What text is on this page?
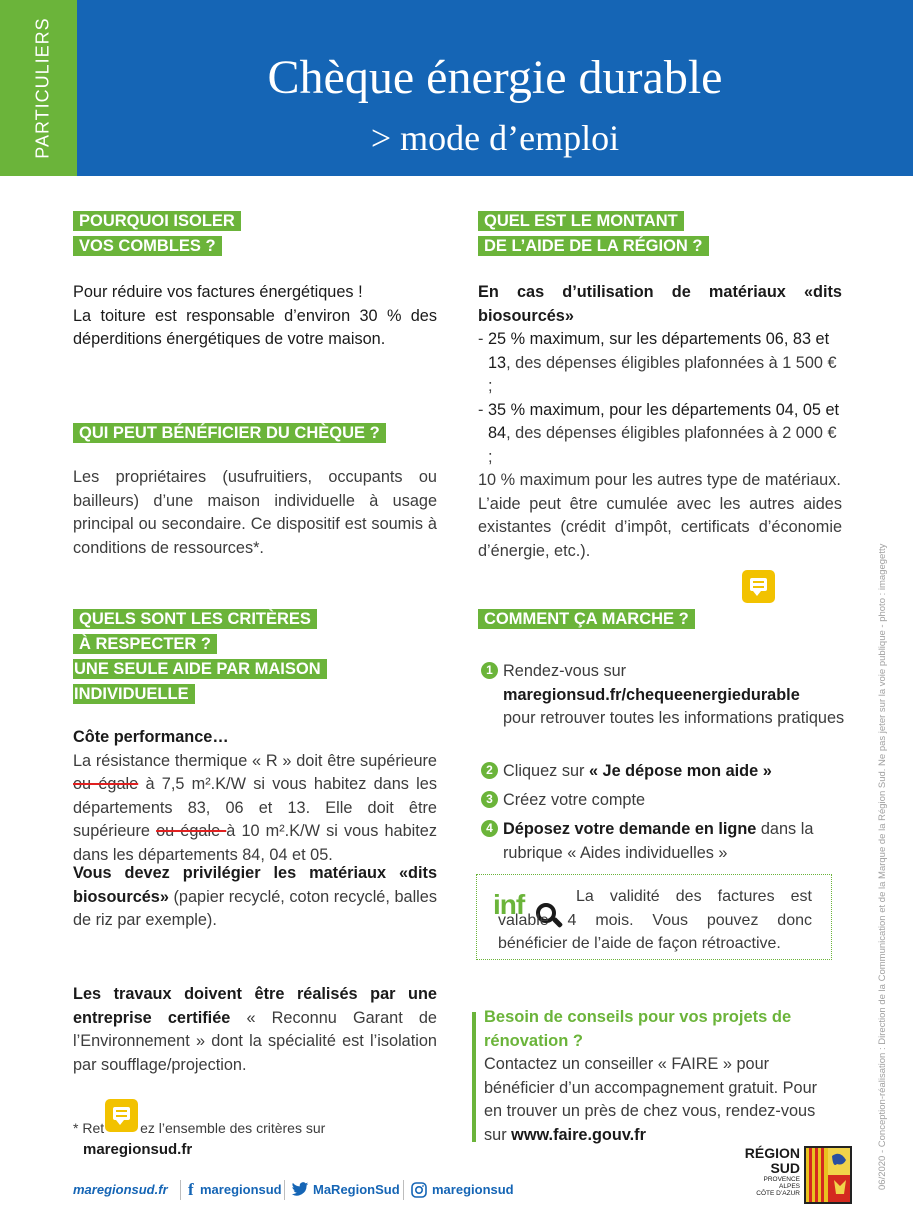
PARTICULIERS	Chèque énergie durable
> mode d’emploi
POURQUOI ISOLER
VOS COMBLES ?
Pour réduire vos factures énergétiques !
La toiture est responsable d’environ 30 % des déperditions énergétiques de votre maison.
QUI PEUT BÉNÉFICIER DU CHÈQUE ?
Les propriétaires (usufruitiers, occupants ou bailleurs) d’une maison individuelle à usage principal ou secondaire. Ce dispositif est soumis à conditions de ressources*.
QUELS SONT LES CRITÈRES
À RESPECTER ?
UNE SEULE AIDE PAR MAISON
INDIVIDUELLE
Côte performance…
La résistance thermique « R » doit être supérieure ou égale à 7,5 m².K/W si vous habitez dans les départements 83, 06 et 13. Elle doit être supérieure ou égale à 10 m².K/W si vous habitez dans les départements 84, 04 et 05.
Vous devez privilégier les matériaux «dits biosourcés» (papier recyclé, coton recyclé, balles de riz par exemple).
Les travaux doivent être réalisés par une entreprise certifiée « Reconnu Garant de l’Environnement » dont la spécialité est l’isolation par soufflage/projection.
* Ret	ez l’ensemble des critères sur
maregionsud.fr
QUEL EST LE MONTANT
DE L’AIDE DE LA RÉGION ?
En cas d’utilisation de matériaux «dits biosourcés»
- 25 % maximum, sur les départements 06, 83 et 13, des dépenses éligibles plafonnées à 1 500 € ;
- 35 % maximum, pour les départements 04, 05 et 84, des dépenses éligibles plafonnées à 2 000 € ;
10 % maximum pour les autres type de matériaux.
L’aide peut être cumulée avec les autres aides existantes (crédit d’impôt, certificats d’économie d’énergie, etc.).
COMMENT ÇA MARCHE ?
1 Rendez-vous sur
maregionsud.fr/chequeenergiedurable
pour retrouver toutes les informations pratiques
2 Cliquez sur « Je dépose mon aide »
3 Créez votre compte
4 Déposez votre demande en ligne dans la rubrique « Aides individuelles »
inf	La validité des factures est valable 4 mois. Vous pouvez donc bénéficier de l’aide de façon rétroactive.
Besoin de conseils pour vos projets de rénovation ?
Contactez un conseiller « FAIRE » pour bénéficier d’un accompagnement gratuit. Pour en trouver un près de chez vous, rendez-vous sur www.faire.gouv.fr
maregionsud.fr f maregionsud MaRegionSud maregionsud
RÉGION
SUD
PROVENCE
ALPES
CÔTE D’AZUR
06/2020 - Conception-réalisation : Direction de la Communication et de la Marque de la Région Sud. Ne pas jeter sur la voie publique - photo : imagegetty
